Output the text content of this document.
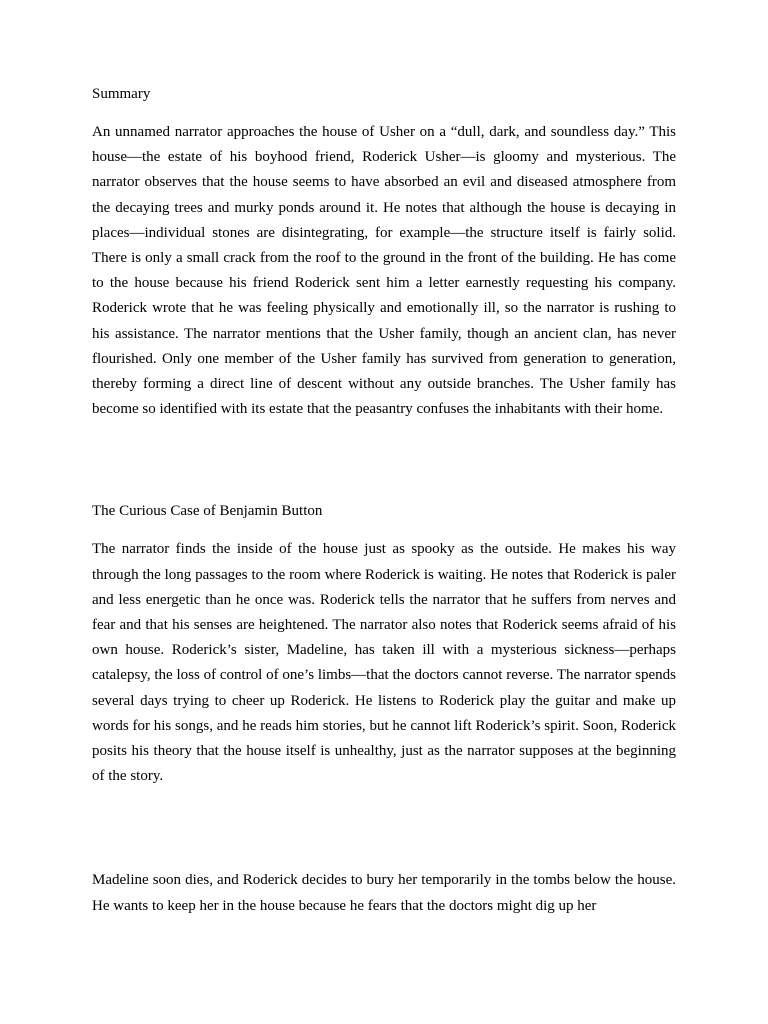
Summary

An unnamed narrator approaches the house of Usher on a “dull, dark, and soundless day.” This house—the estate of his boyhood friend, Roderick Usher—is gloomy and mysterious. The narrator observes that the house seems to have absorbed an evil and diseased atmosphere from the decaying trees and murky ponds around it. He notes that although the house is decaying in places—individual stones are disintegrating, for example—the structure itself is fairly solid. There is only a small crack from the roof to the ground in the front of the building. He has come to the house because his friend Roderick sent him a letter earnestly requesting his company. Roderick wrote that he was feeling physically and emotionally ill, so the narrator is rushing to his assistance. The narrator mentions that the Usher family, though an ancient clan, has never flourished. Only one member of the Usher family has survived from generation to generation, thereby forming a direct line of descent without any outside branches. The Usher family has become so identified with its estate that the peasantry confuses the inhabitants with their home.

The Curious Case of Benjamin Button

The narrator finds the inside of the house just as spooky as the outside. He makes his way through the long passages to the room where Roderick is waiting. He notes that Roderick is paler and less energetic than he once was. Roderick tells the narrator that he suffers from nerves and fear and that his senses are heightened. The narrator also notes that Roderick seems afraid of his own house. Roderick’s sister, Madeline, has taken ill with a mysterious sickness—perhaps catalepsy, the loss of control of one’s limbs—that the doctors cannot reverse. The narrator spends several days trying to cheer up Roderick. He listens to Roderick play the guitar and make up words for his songs, and he reads him stories, but he cannot lift Roderick’s spirit. Soon, Roderick posits his theory that the house itself is unhealthy, just as the narrator supposes at the beginning of the story.

Madeline soon dies, and Roderick decides to bury her temporarily in the tombs below the house. He wants to keep her in the house because he fears that the doctors might dig up her
